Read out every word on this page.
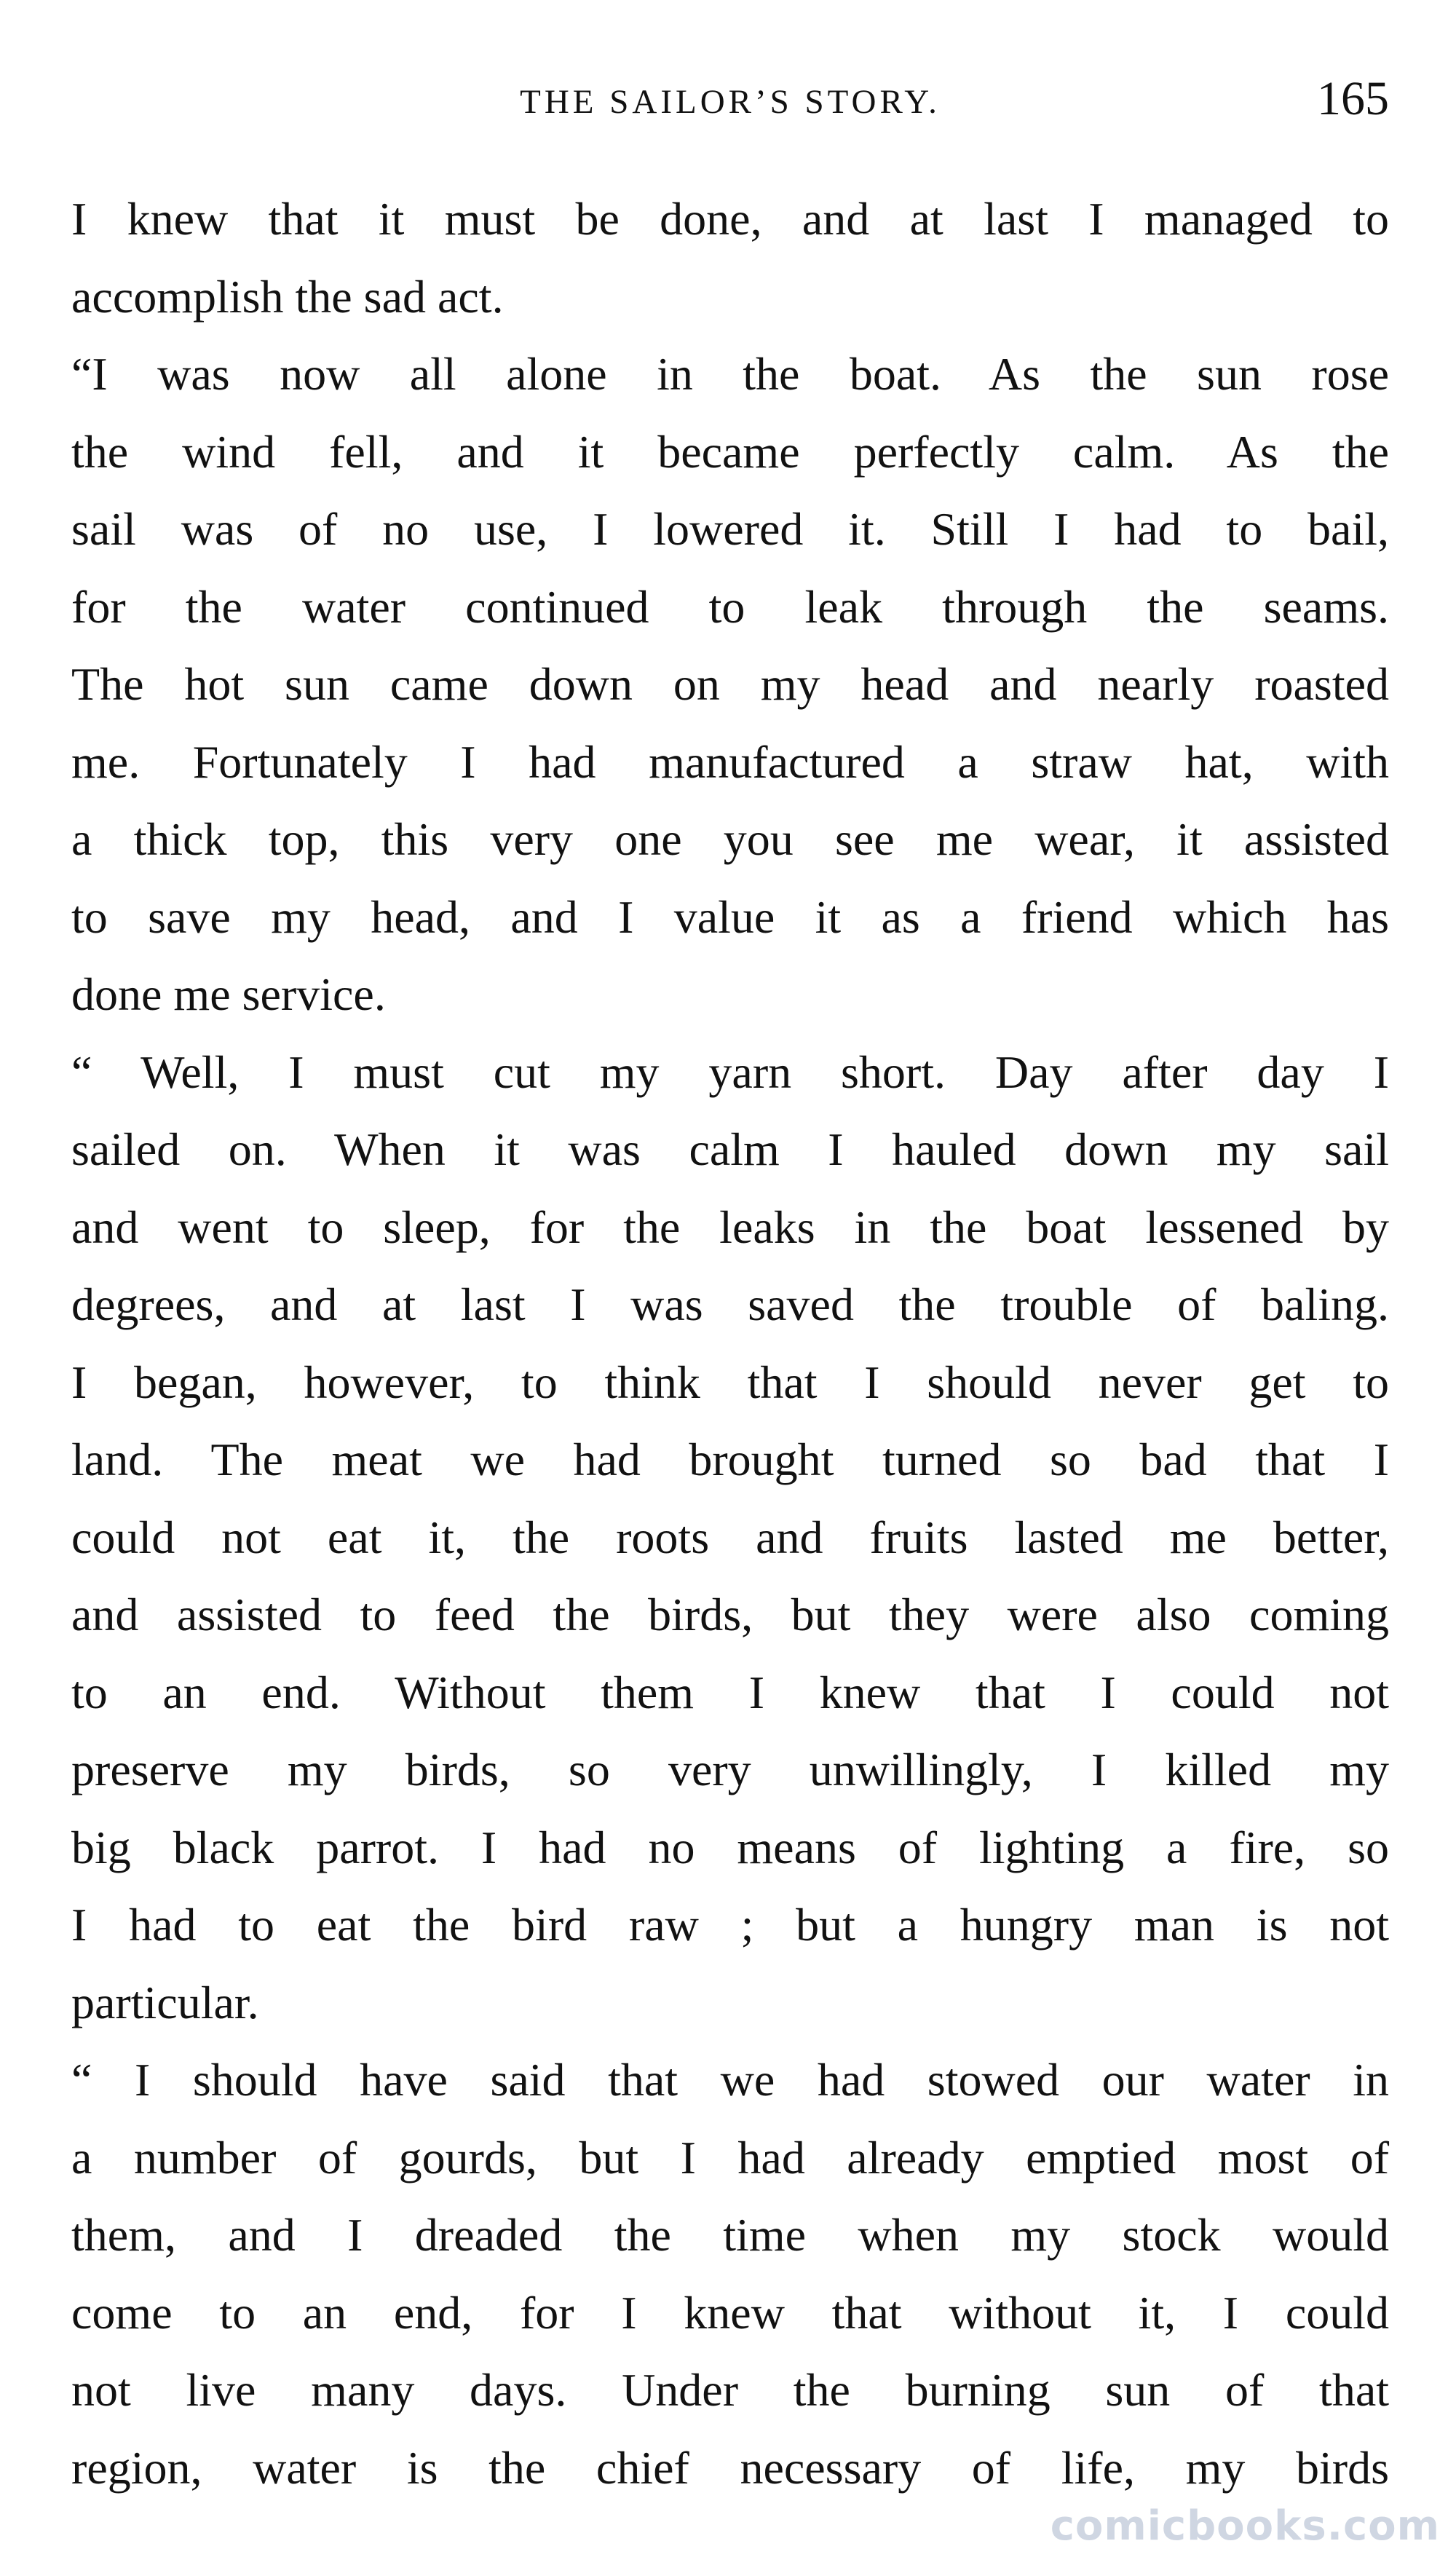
THE SAILOR’S STORY.	165

I knew that it must be done, and at last I managed to
accomplish the sad act.

“I was now all alone in the boat. As the sun rose
the wind fell, and it became perfectly calm. As the
sail was of no use, I lowered it. Still I had to bail,
for the water continued to leak through the seams.
The hot sun came down on my head and nearly roasted
me. Fortunately I had manufactured a straw hat, with
a thick top, this very one you see me wear, it assisted
to save my head, and I value it as a friend which has
done me service.

“ Well, I must cut my yarn short. Day after day I
sailed on. When it was calm I hauled down my sail
and went to sleep, for the leaks in the boat lessened by
degrees, and at last I was saved the trouble of baling.
I began, however, to think that I should never get to
land. The meat we had brought turned so bad that I
could not eat it, the roots and fruits lasted me better,
and assisted to feed the birds, but they were also coming
to an end. Without them I knew that I could not
preserve my birds, so very unwillingly, I killed my
big black parrot. I had no means of lighting a fire, so
I had to eat the bird raw ; but a hungry man is not
particular.

“ I should have said that we had stowed our water in
a number of gourds, but I had already emptied most of
them, and I dreaded the time when my stock would
come to an end, for I knew that without it, I could
not live many days. Under the burning sun of that
region, water is the chief necessary of life, my birds

comicbooks.com
